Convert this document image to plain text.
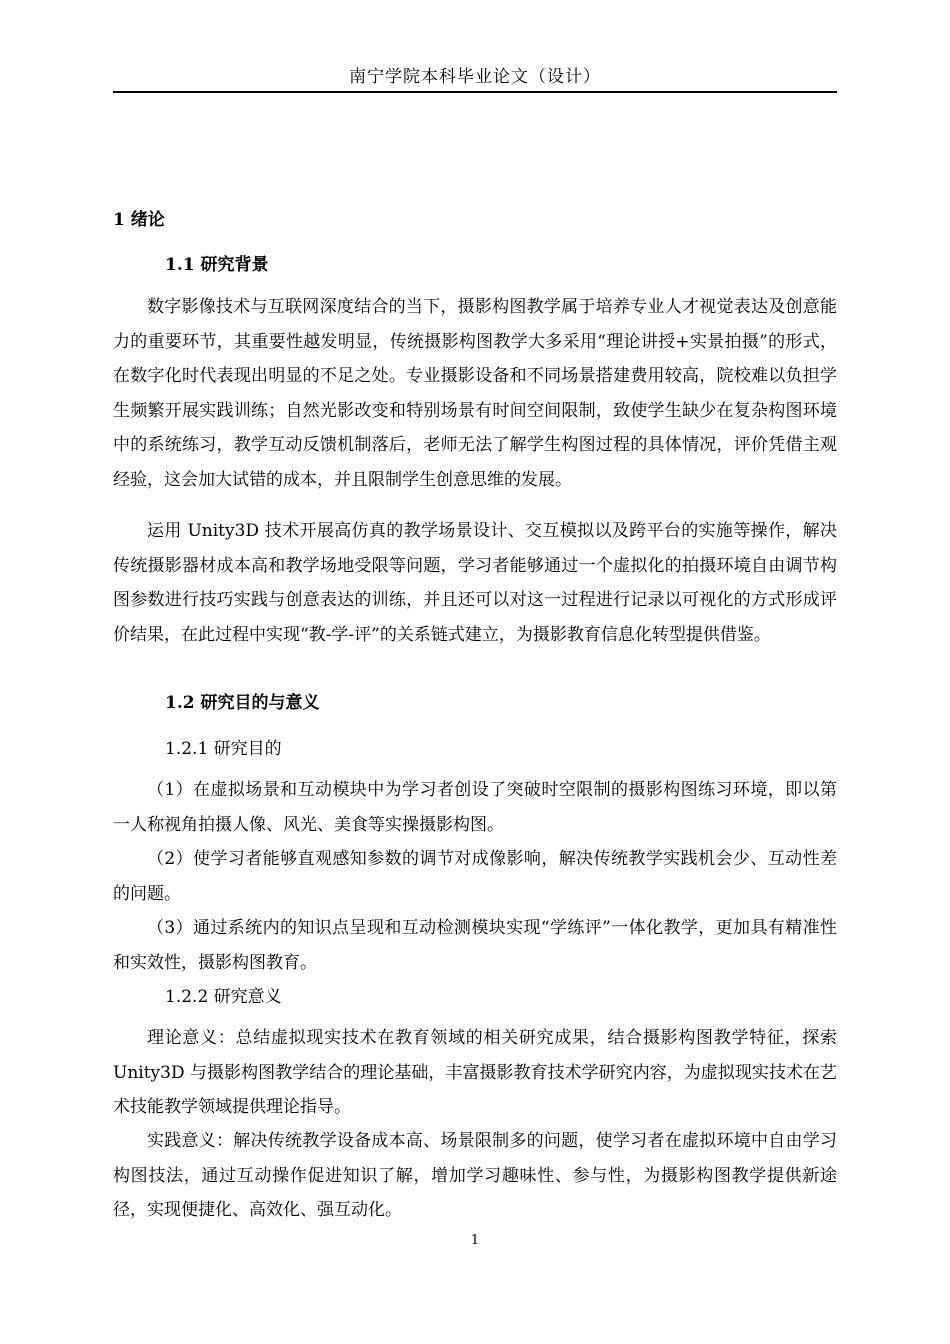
南宁学院本科毕业论文（设计）
1 绪论
1.1 研究背景

数字影像技术与互联网深度结合的当下，摄影构图教学属于培养专业人才视觉表达及创意能力的重要环节，其重要性越发明显，传统摄影构图教学大多采用“理论讲授+实景拍摄”的形式，在数字化时代表现出明显的不足之处。专业摄影设备和不同场景搭建费用较高，院校难以负担学生频繁开展实践训练；自然光影改变和特别场景有时间空间限制，致使学生缺少在复杂构图环境中的系统练习，教学互动反馈机制落后，老师无法了解学生构图过程的具体情况，评价凭借主观经验，这会加大试错的成本，并且限制学生创意思维的发展。

运用 Unity3D 技术开展高仿真的教学场景设计、交互模拟以及跨平台的实施等操作，解决传统摄影器材成本高和教学场地受限等问题，学习者能够通过一个虚拟化的拍摄环境自由调节构图参数进行技巧实践与创意表达的训练，并且还可以对这一过程进行记录以可视化的方式形成评价结果，在此过程中实现“教-学-评”的关系链式建立，为摄影教育信息化转型提供借鉴。

1.2 研究目的与意义
1.2.1 研究目的

（1）在虚拟场景和互动模块中为学习者创设了突破时空限制的摄影构图练习环境，即以第一人称视角拍摄人像、风光、美食等实操摄影构图。

（2）使学习者能够直观感知参数的调节对成像影响，解决传统教学实践机会少、互动性差的问题。

（3）通过系统内的知识点呈现和互动检测模块实现“学练评”一体化教学，更加具有精准性和实效性，摄影构图教育。

1.2.2 研究意义

理论意义：总结虚拟现实技术在教育领域的相关研究成果，结合摄影构图教学特征，探索 Unity3D 与摄影构图教学结合的理论基础，丰富摄影教育技术学研究内容，为虚拟现实技术在艺术技能教学领域提供理论指导。

实践意义：解决传统教学设备成本高、场景限制多的问题，使学习者在虚拟环境中自由学习构图技法，通过互动操作促进知识了解，增加学习趣味性、参与性，为摄影构图教学提供新途径，实现便捷化、高效化、强互动化。

1
